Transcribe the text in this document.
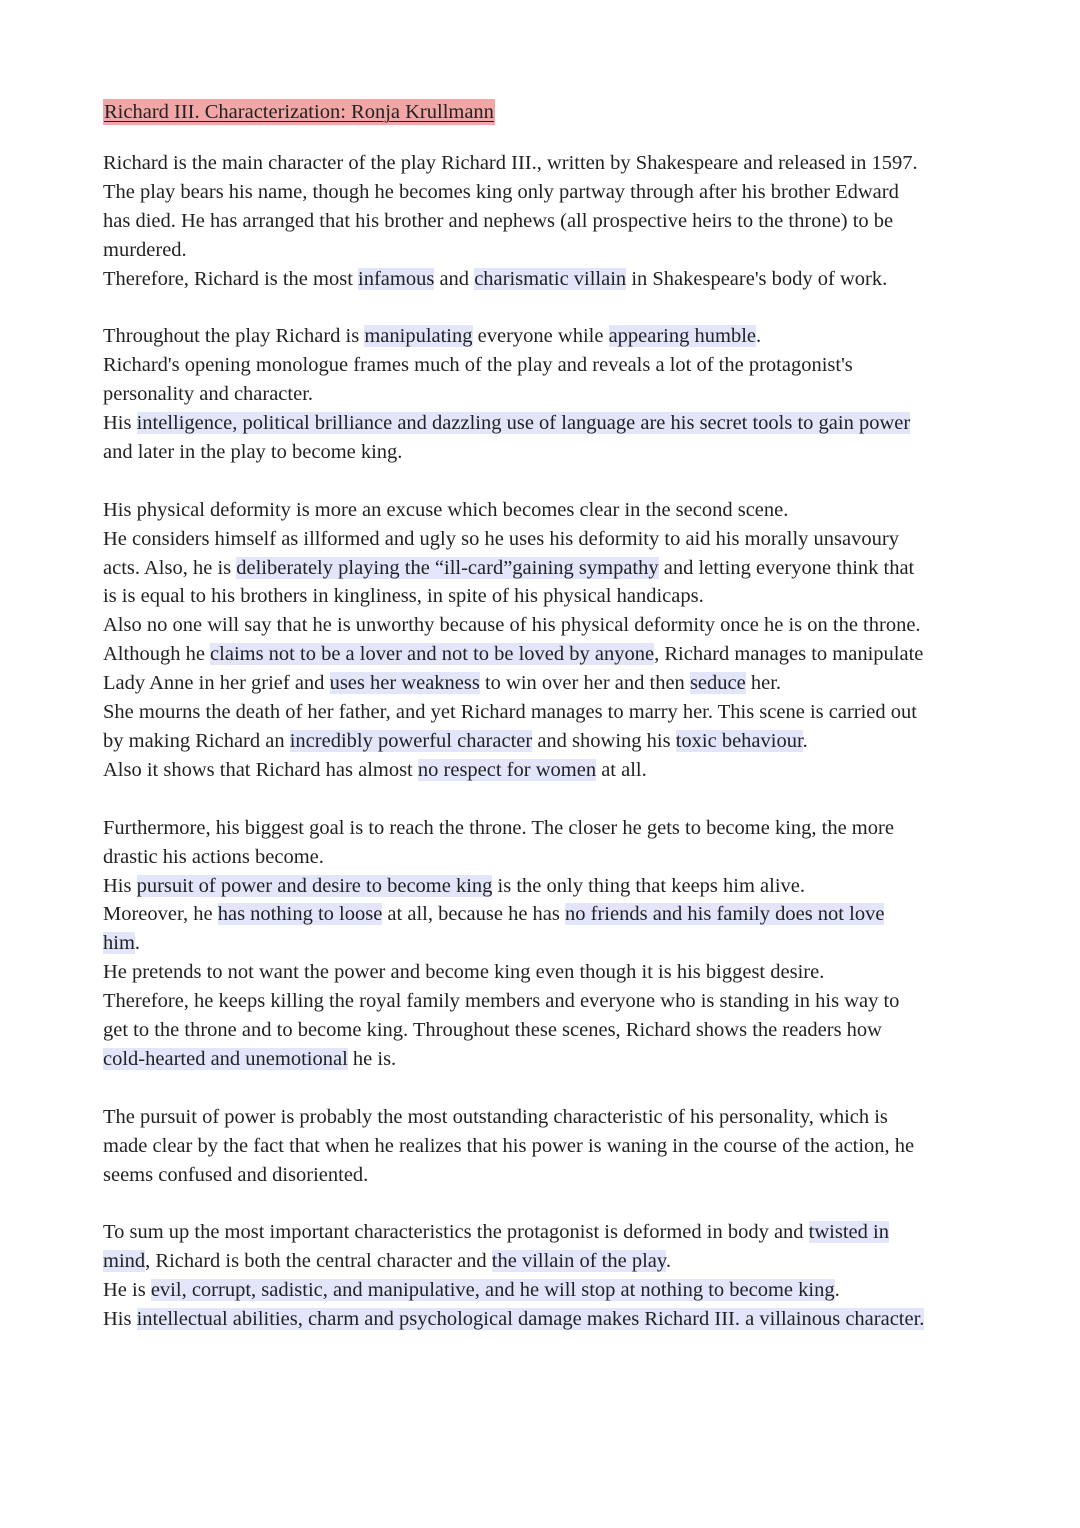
Richard III. Characterization: Ronja Krullmann
Richard is the main character of the play Richard III., written by Shakespeare and released in 1597.
The play bears his name, though he becomes king only partway through after his brother Edward
has died. He has arranged that his brother and nephews (all prospective heirs to the throne) to be
murdered.
Therefore, Richard is the most infamous and charismatic villain in Shakespeare's body of work.
Throughout the play Richard is manipulating everyone while appearing humble.
Richard's opening monologue frames much of the play and reveals a lot of the protagonist's
personality and character.
His intelligence, political brilliance and dazzling use of language are his secret tools to gain power
and later in the play to become king.
His physical deformity is more an excuse which becomes clear in the second scene.
He considers himself as illformed and ugly so he uses his deformity to aid his morally unsavoury
acts. Also, he is deliberately playing the “ill-card”gaining sympathy and letting everyone think that
is is equal to his brothers in kingliness, in spite of his physical handicaps.
Also no one will say that he is unworthy because of his physical deformity once he is on the throne.
Although he claims not to be a lover and not to be loved by anyone, Richard manages to manipulate
Lady Anne in her grief and uses her weakness to win over her and then seduce her.
She mourns the death of her father, and yet Richard manages to marry her. This scene is carried out
by making Richard an incredibly powerful character and showing his toxic behaviour.
Also it shows that Richard has almost no respect for women at all.
Furthermore, his biggest goal is to reach the throne. The closer he gets to become king, the more
drastic his actions become.
His pursuit of power and desire to become king is the only thing that keeps him alive.
Moreover, he has nothing to loose at all, because he has no friends and his family does not love
him.
He pretends to not want the power and become king even though it is his biggest desire.
Therefore, he keeps killing the royal family members and everyone who is standing in his way to
get to the throne and to become king. Throughout these scenes, Richard shows the readers how
cold-hearted and unemotional he is.
The pursuit of power is probably the most outstanding characteristic of his personality, which is
made clear by the fact that when he realizes that his power is waning in the course of the action, he
seems confused and disoriented.
To sum up the most important characteristics the protagonist is deformed in body and twisted in
mind, Richard is both the central character and the villain of the play.
He is evil, corrupt, sadistic, and manipulative, and he will stop at nothing to become king.
His intellectual abilities, charm and psychological damage makes Richard III. a villainous character.
